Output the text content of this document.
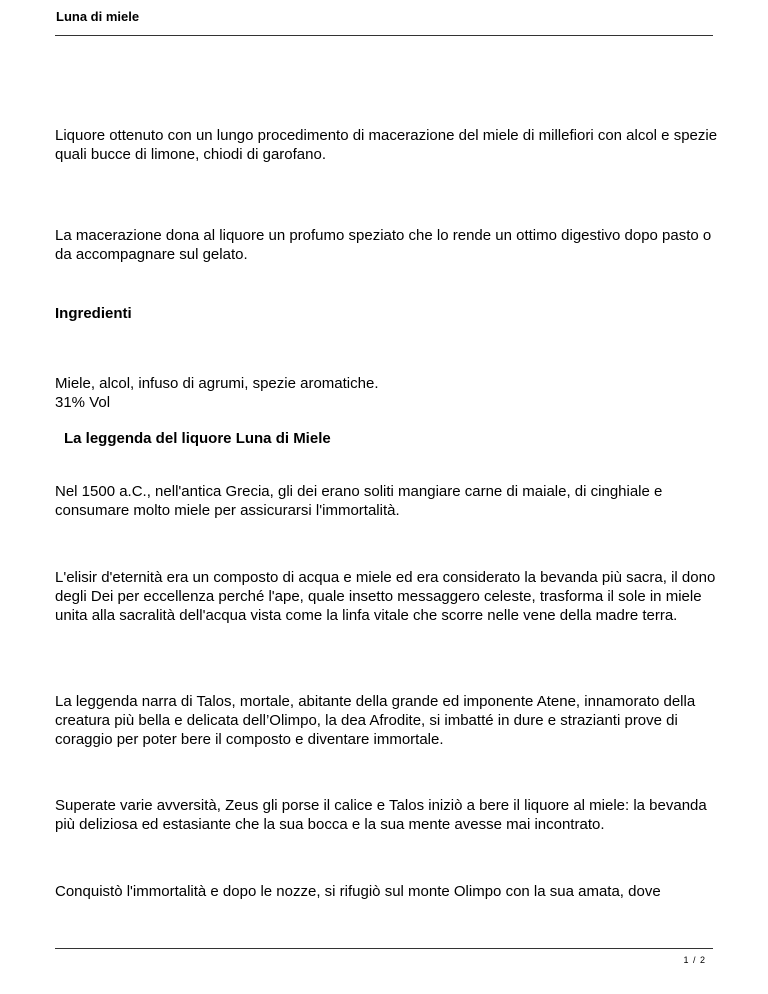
Luna di miele

Liquore ottenuto con un lungo procedimento di macerazione del miele di millefiori con alcol e spezie quali bucce di limone, chiodi di garofano.

La macerazione dona al liquore un profumo speziato che lo rende un ottimo digestivo dopo pasto o da accompagnare sul gelato.

Ingredienti

Miele, alcol, infuso di agrumi, spezie aromatiche.

31% Vol

La leggenda del liquore Luna di Miele

Nel 1500 a.C., nell'antica Grecia, gli dei erano soliti mangiare carne di maiale, di cinghiale e consumare molto miele per assicurarsi l'immortalità.

L'elisir d'eternità era un composto di acqua e miele ed era considerato la bevanda più sacra, il dono degli Dei per eccellenza perché l'ape, quale insetto messaggero celeste, trasforma il sole in miele unita alla sacralità dell'acqua vista come la linfa vitale che scorre nelle vene della madre terra.

La leggenda narra di Talos, mortale, abitante della grande ed imponente Atene, innamorato della creatura più bella e delicata dell’Olimpo, la dea Afrodite, si imbatté in dure e strazianti prove di coraggio per poter bere il composto e diventare immortale.

Superate varie avversità, Zeus gli porse il calice e Talos iniziò a bere il liquore al miele: la bevanda più deliziosa ed estasiante che la sua bocca e la sua mente avesse mai incontrato.

Conquistò l'immortalità e dopo le nozze, si rifugiò sul monte Olimpo con la sua amata, dove

1 / 2
